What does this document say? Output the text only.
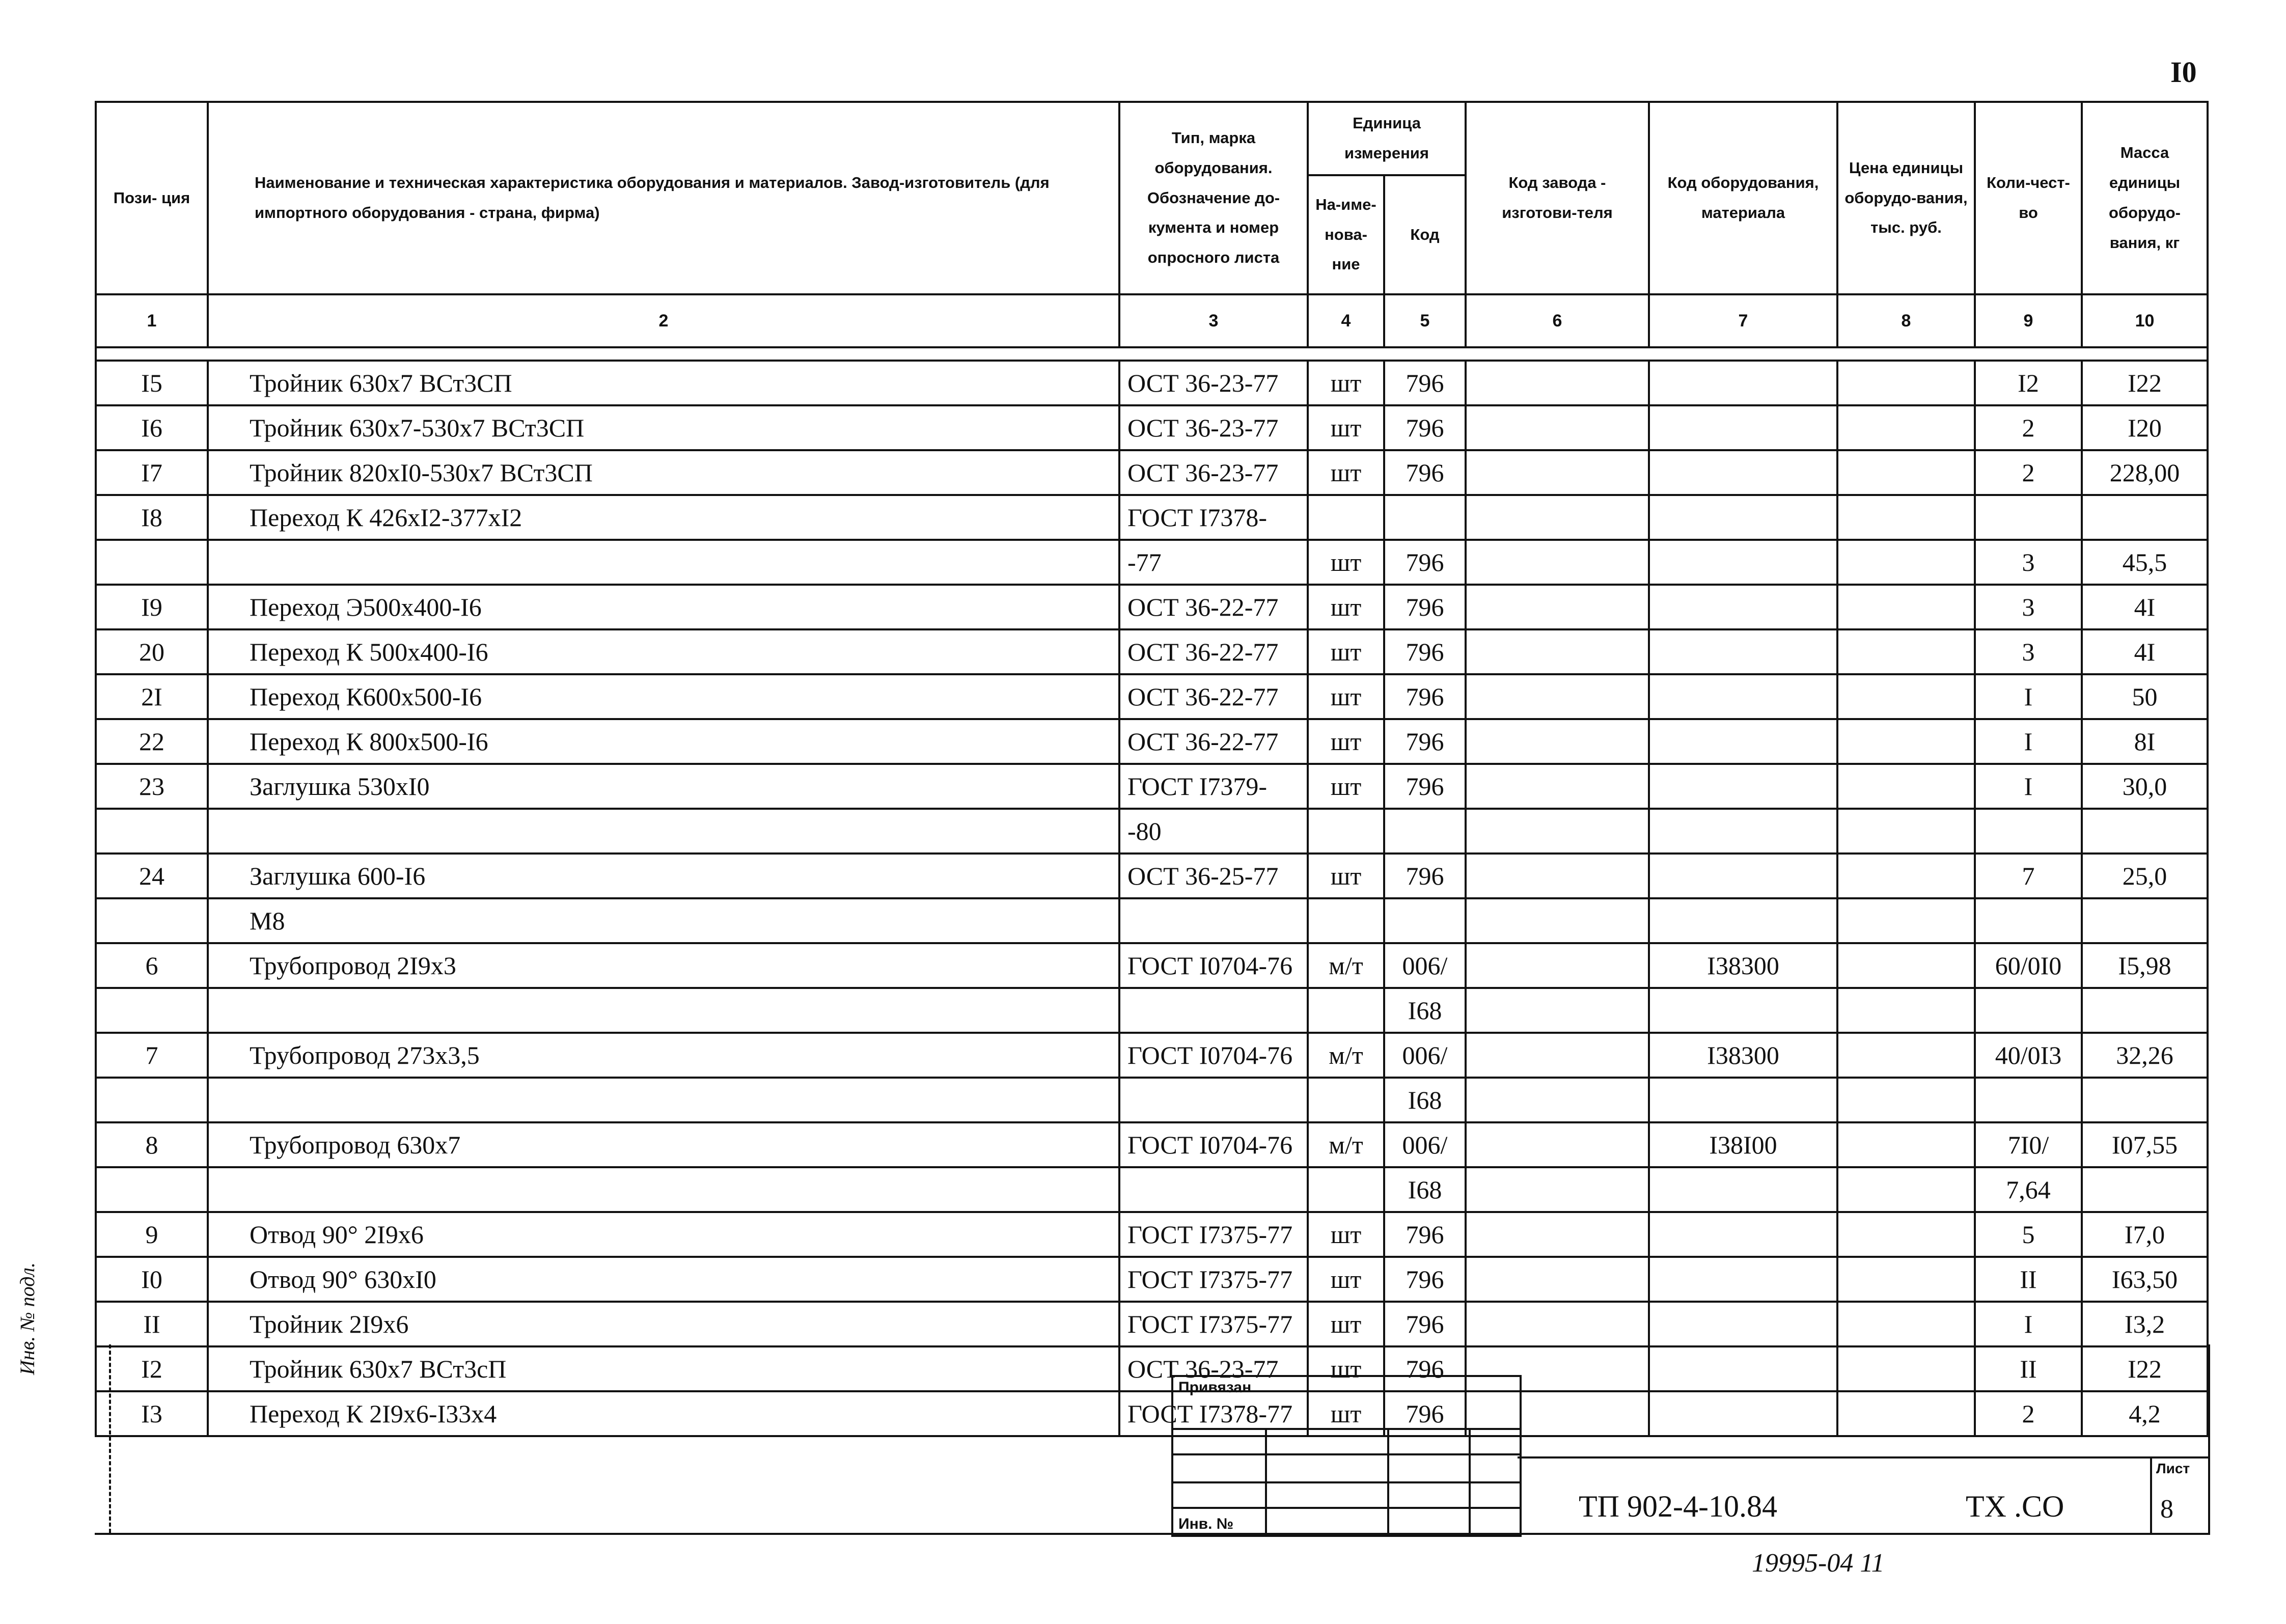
I0
Инв. № подл.
Пози- ция	Наименование и техническая характеристика оборудования и материалов. Завод-изготовитель (для импортного оборудования - страна, фирма)	Тип, марка оборудования. Обозначение до-кумента и номер опросного листа	Единица измерения		Код завода - изготови-теля	Код оборудования, материала	Цена единицы оборудо-вания, тыс. руб.	Коли-чест-во	Масса единицы оборудо-вания, кг
			На-име-нова-ние	Код					
1	2	3	4	5	6	7	8	9	10

I5	Тройник 630x7 ВСт3СП	ОСТ 36-23-77	шт	796				I2	I22
I6	Тройник 630x7-530x7 ВСт3СП	ОСТ 36-23-77	шт	796				2	I20
I7	Тройник 820xI0-530x7 ВСт3СП	ОСТ 36-23-77	шт	796				2	228,00
I8	Переход К 426xI2-377xI2	ГОСТ I7378-							
		-77	шт	796				3	45,5
I9	Переход Э500x400-I6	ОСТ 36-22-77	шт	796				3	4I
20	Переход К 500x400-I6	ОСТ 36-22-77	шт	796				3	4I
2I	Переход К600x500-I6	ОСТ 36-22-77	шт	796				I	50
22	Переход К 800x500-I6	ОСТ 36-22-77	шт	796				I	8I
23	Заглушка 530xI0	ГОСТ I7379-	шт	796				I	30,0
		-80							
24	Заглушка 600-I6	ОСТ 36-25-77	шт	796				7	25,0
	М8								
6	Трубопровод 2I9x3	ГОСТ I0704-76	м/т	006/		I38300		60/0I0	I5,98
				I68					
7	Трубопровод 273x3,5	ГОСТ I0704-76	м/т	006/		I38300		40/0I3	32,26
				I68					
8	Трубопровод 630x7	ГОСТ I0704-76	м/т	006/		I38I00		7I0/	I07,55
				I68				7,64	
9	Отвод 90° 2I9x6	ГОСТ I7375-77	шт	796				5	I7,0
I0	Отвод 90° 630xI0	ГОСТ I7375-77	шт	796				II	I63,50
II	Тройник 2I9x6	ГОСТ I7375-77	шт	796				I	I3,2
I2	Тройник 630x7 ВСт3сП	ОСТ 36-23-77	шт	796				II	I22
I3	Переход К 2I9x6-I33x4	ГОСТ I7378-77	шт	796				2	4,2
Привязан
Инв. №
ТП 902-4-10.84	ТХ .СО
Лист
8
19995-04 11
